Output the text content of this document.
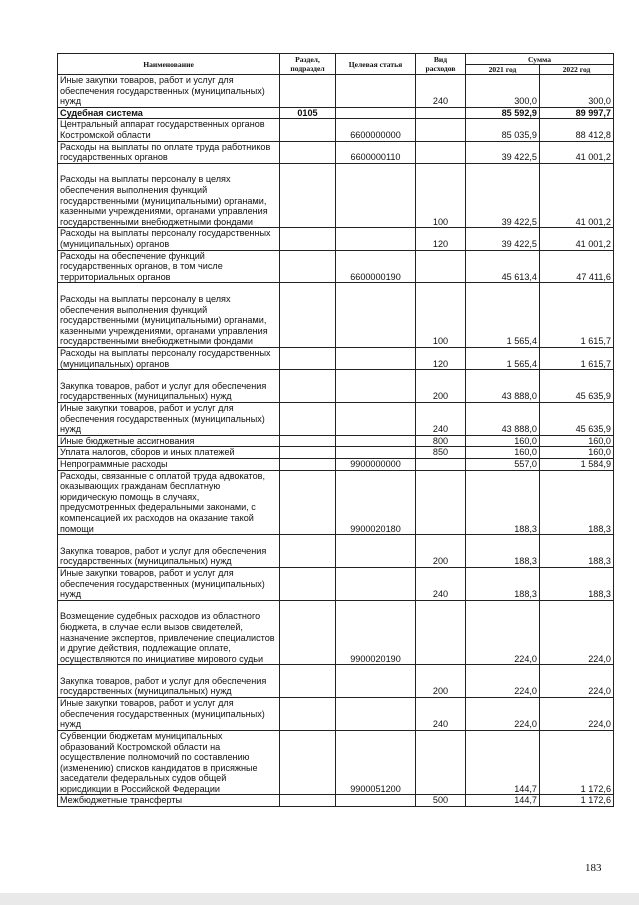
Наименование	Раздел, подраздел	Целевая статья	Вид расходов	Сумма	
				2021 год	2022 год
Иные закупки товаров, работ и услуг для обеспечения государственных (муниципальных) нужд			240	300,0	300,0
Судебная система	0105			85 592,9	89 997,7
Центральный аппарат государственных органов Костромской области		6600000000		85 035,9	88 412,8
Расходы на выплаты по оплате труда работников государственных органов		6600000110		39 422,5	41 001,2
Расходы на выплаты персоналу в целях обеспечения выполнения функций государственными (муниципальными) органами, казенными учреждениями, органами управления государственными внебюджетными фондами			100	39 422,5	41 001,2
Расходы на выплаты персоналу государственных (муниципальных) органов			120	39 422,5	41 001,2
Расходы на обеспечение функций государственных органов, в том числе территориальных органов		6600000190		45 613,4	47 411,6
Расходы на выплаты персоналу в целях обеспечения выполнения функций государственными (муниципальными) органами, казенными учреждениями, органами управления государственными внебюджетными фондами			100	1 565,4	1 615,7
Расходы на выплаты персоналу государственных (муниципальных) органов			120	1 565,4	1 615,7
Закупка товаров, работ и услуг для обеспечения государственных (муниципальных) нужд			200	43 888,0	45 635,9
Иные закупки товаров, работ и услуг для обеспечения государственных (муниципальных) нужд			240	43 888,0	45 635,9
Иные бюджетные ассигнования			800	160,0	160,0
Уплата налогов, сборов и иных платежей			850	160,0	160,0
Непрограммные расходы		9900000000		557,0	1 584,9
Расходы, связанные с оплатой труда адвокатов, оказывающих гражданам бесплатную юридическую помощь в случаях, предусмотренных федеральными законами, с компенсацией их расходов на оказание такой помощи		9900020180		188,3	188,3
Закупка товаров, работ и услуг для обеспечения государственных (муниципальных) нужд			200	188,3	188,3
Иные закупки товаров, работ и услуг для обеспечения государственных (муниципальных) нужд			240	188,3	188,3
Возмещение судебных расходов из областного бюджета, в случае если вызов свидетелей, назначение экспертов, привлечение специалистов и другие действия, подлежащие оплате, осуществляются по инициативе мирового судьи		9900020190		224,0	224,0
Закупка товаров, работ и услуг для обеспечения государственных (муниципальных) нужд			200	224,0	224,0
Иные закупки товаров, работ и услуг для обеспечения государственных (муниципальных) нужд			240	224,0	224,0
Субвенции бюджетам муниципальных образований Костромской области на осуществление полномочий по составлению (изменению) списков кандидатов в присяжные заседатели федеральных судов общей юрисдикции в Российской Федерации		9900051200		144,7	1 172,6
Межбюджетные трансферты			500	144,7	1 172,6
183
